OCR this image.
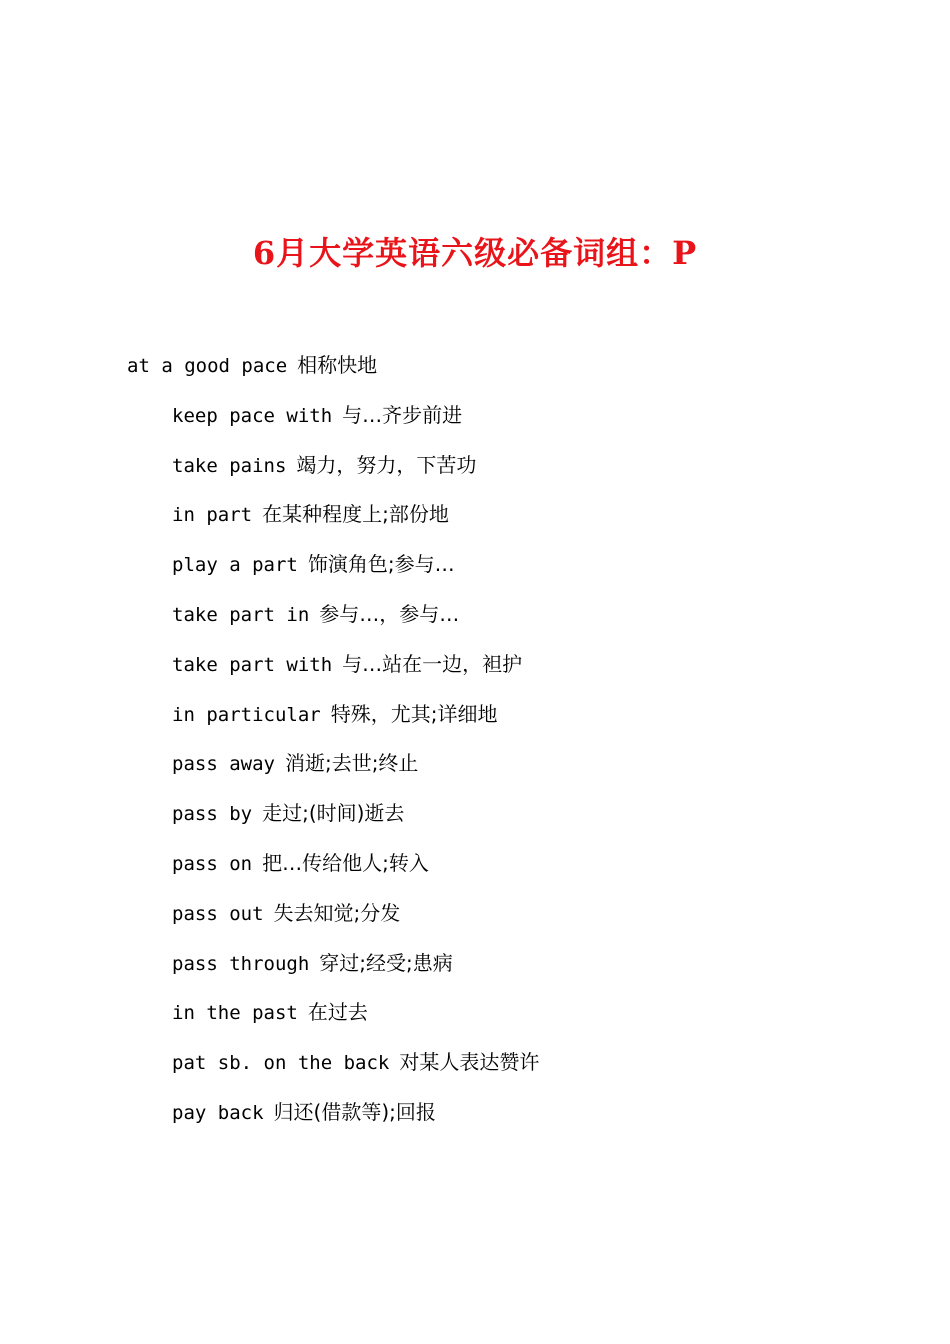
6月大学英语六级必备词组：P
at a good pace 相称快地
keep pace with 与…齐步前进
take pains 竭力，努力，下苦功
in part 在某种程度上;部份地
play a part 饰演角色;参与…
take part in 参与…，参与…
take part with 与…站在一边，袒护
in particular 特殊，尤其;详细地
pass away 消逝;去世;终止
pass by 走过;(时间)逝去
pass on 把…传给他人;转入
pass out 失去知觉;分发
pass through 穿过;经受;患病
in the past 在过去
pat sb. on the back 对某人表达赞许
pay back 归还(借款等);回报
